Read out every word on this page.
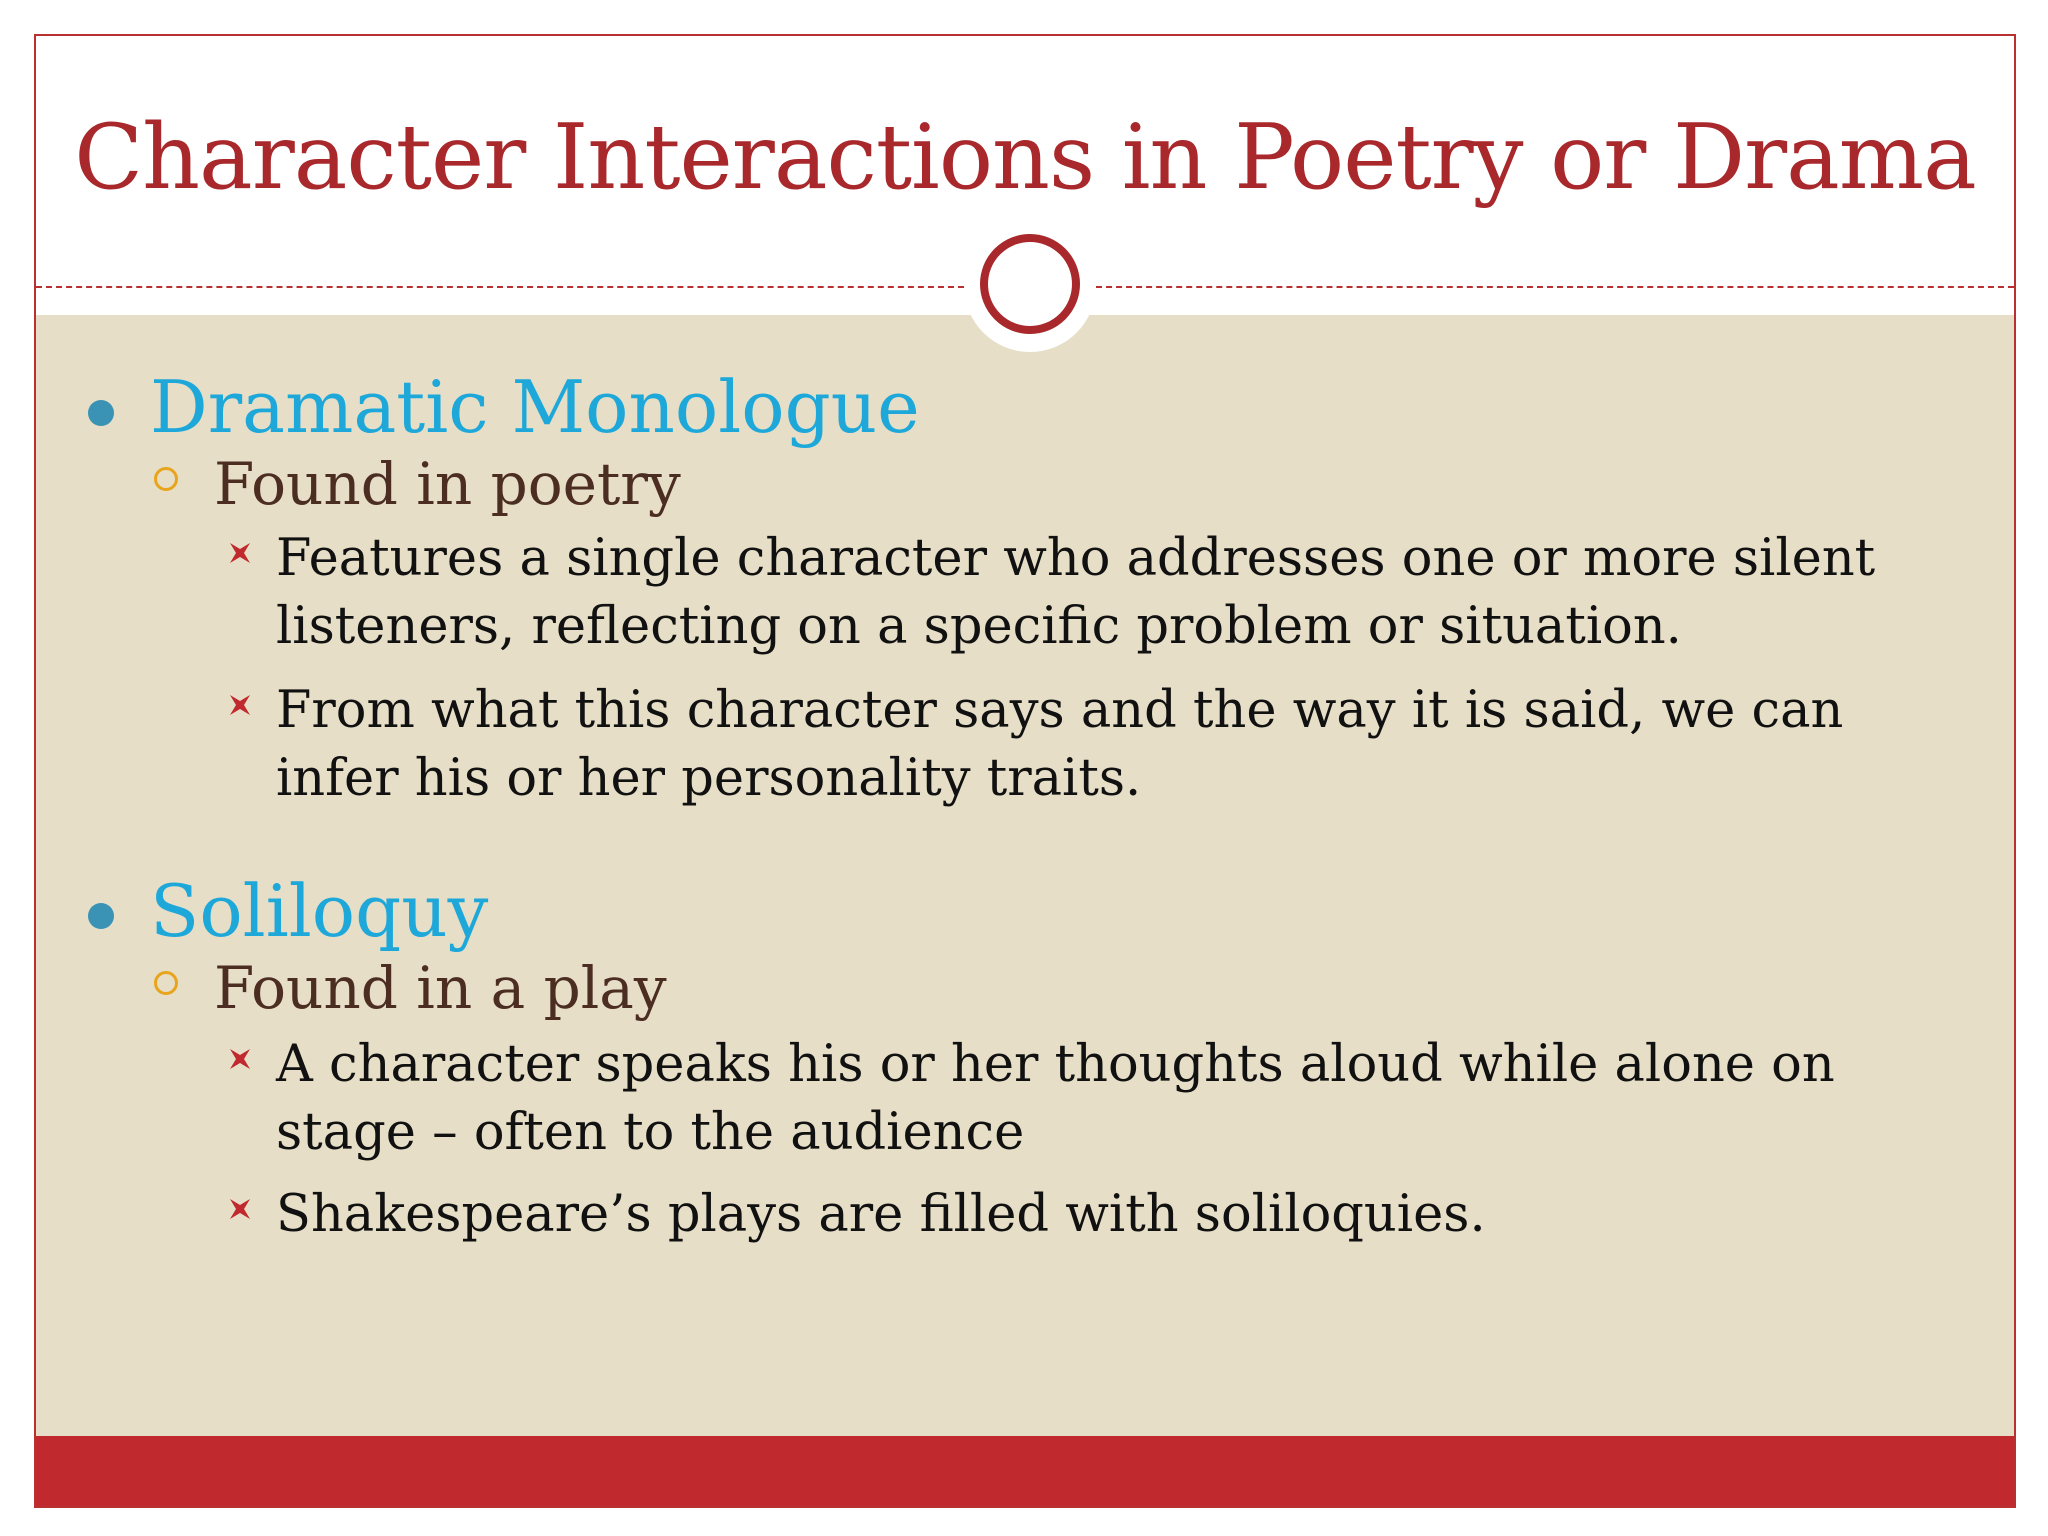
Character Interactions in Poetry or Drama
Dramatic Monologue
Found in poetry
Features a single character who addresses one or more silent listeners, reflecting on a specific problem or situation.
From what this character says and the way it is said, we can infer his or her personality traits.
Soliloquy
Found in a play
A character speaks his or her thoughts aloud while alone on stage – often to the audience
Shakespeare’s plays are filled with soliloquies.
